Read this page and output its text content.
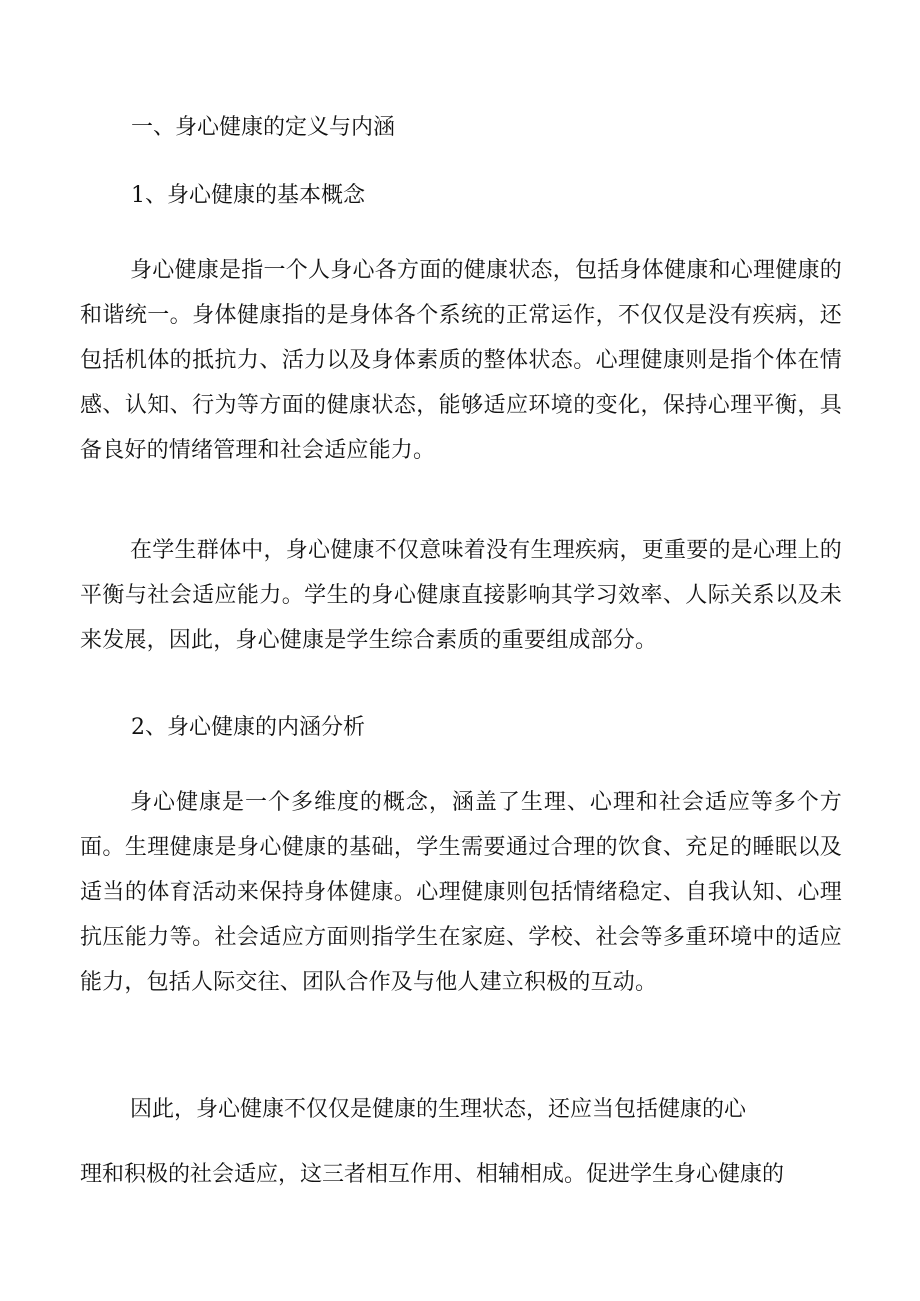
一、身心健康的定义与内涵
1、身心健康的基本概念

身心健康是指一个人身心各方面的健康状态，包括身体健康和心理健康的和谐统一。身体健康指的是身体各个系统的正常运作，不仅仅是没有疾病，还包括机体的抵抗力、活力以及身体素质的整体状态。心理健康则是指个体在情感、认知、行为等方面的健康状态，能够适应环境的变化，保持心理平衡，具备良好的情绪管理和社会适应能力。

在学生群体中，身心健康不仅意味着没有生理疾病，更重要的是心理上的平衡与社会适应能力。学生的身心健康直接影响其学习效率、人际关系以及未来发展，因此，身心健康是学生综合素质的重要组成部分。

2、身心健康的内涵分析

身心健康是一个多维度的概念，涵盖了生理、心理和社会适应等多个方面。生理健康是身心健康的基础，学生需要通过合理的饮食、充足的睡眠以及适当的体育活动来保持身体健康。心理健康则包括情绪稳定、自我认知、心理抗压能力等。社会适应方面则指学生在家庭、学校、社会等多重环境中的适应能力，包括人际交往、团队合作及与他人建立积极的互动。

因此，身心健康不仅仅是健康的生理状态，还应当包括健康的心

理和积极的社会适应，这三者相互作用、相辅相成。促进学生身心健康的
